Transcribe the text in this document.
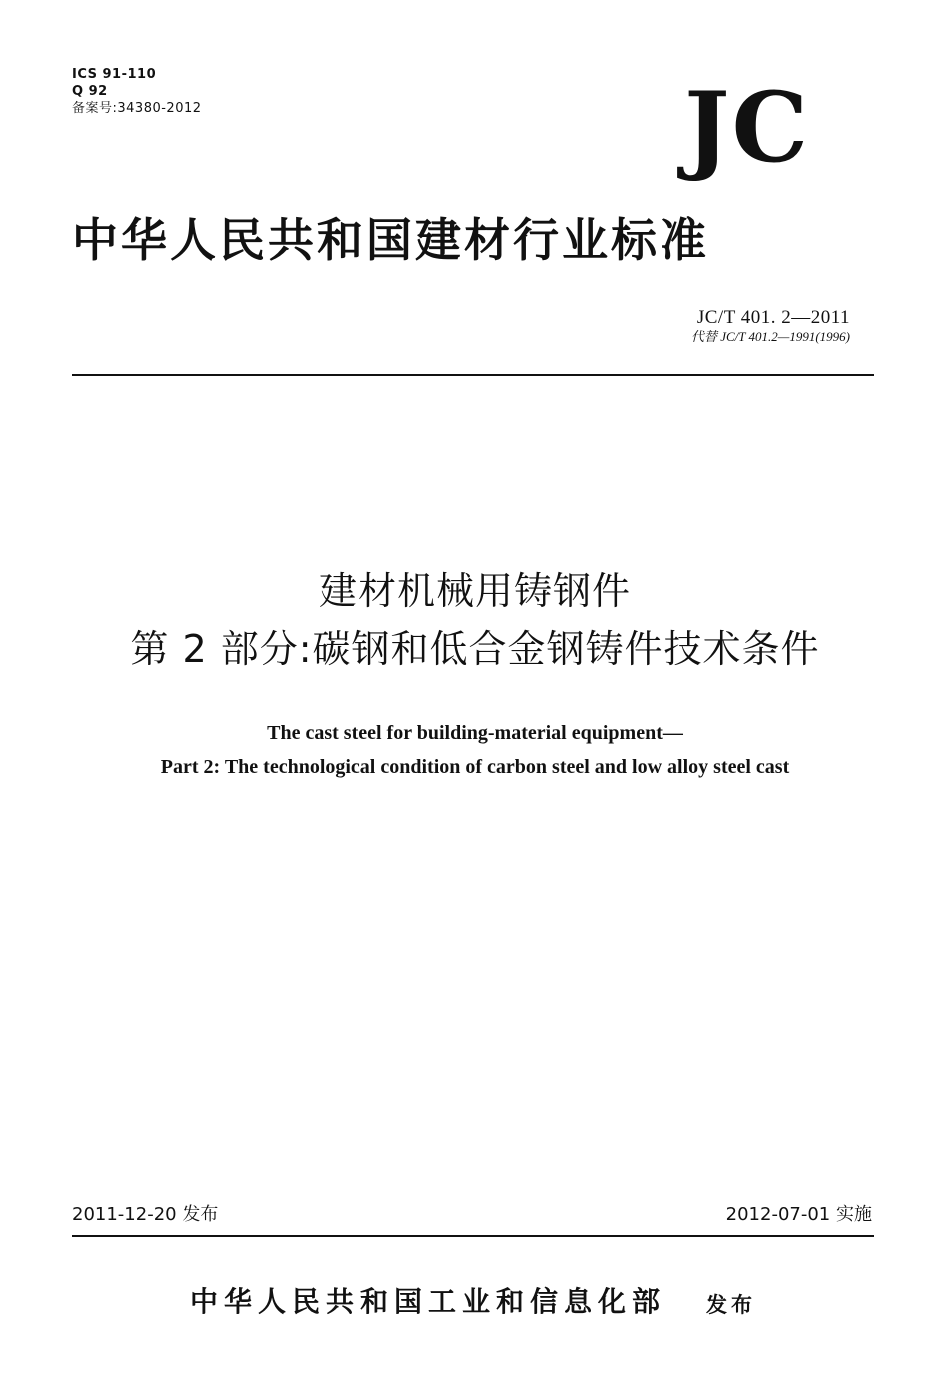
ICS 91-110
Q 92
备案号:34380-2012	JC
中华人民共和国建材行业标准
JC/T 401. 2—2011
代替 JC/T 401.2—1991(1996)
建材机械用铸钢件
第 2 部分:碳钢和低合金钢铸件技术条件
The cast steel for building-material equipment—
Part 2: The technological condition of carbon steel and low alloy steel cast
2011-12-20 发布	2012-07-01 实施
中华人民共和国工业和信息化部 发布
